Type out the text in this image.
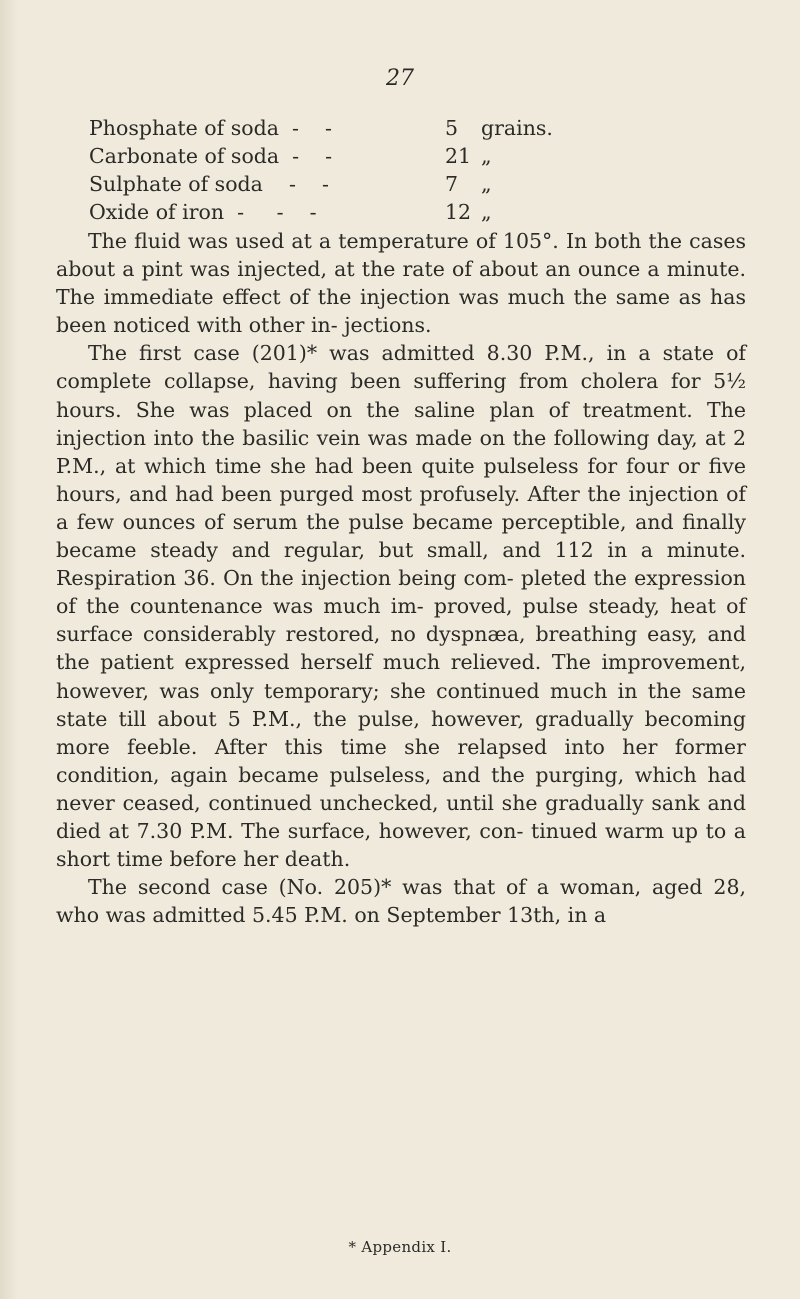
27
Phosphate of soda  -    -	5	grains.
Carbonate of soda  -    -	21 „
Sulphate of soda    -    -	7	„
Oxide of iron  -     -    -	12 „

The fluid was used at a temperature of 105°. In both the cases about a pint was injected, at the rate of about an ounce a minute. The immediate effect of the injection was much the same as has been noticed with other in- jections.

The first case (201)* was admitted 8.30 P.M., in a state of complete collapse, having been suffering from cholera for 5½ hours. She was placed on the saline plan of treatment. The injection into the basilic vein was made on the following day, at 2 P.M., at which time she had been quite pulseless for four or five hours, and had been purged most profusely. After the injection of a few ounces of serum the pulse became perceptible, and finally became steady and regular, but small, and 112 in a minute. Respiration 36. On the injection being com- pleted the expression of the countenance was much im- proved, pulse steady, heat of surface considerably restored, no dyspnæa, breathing easy, and the patient expressed herself much relieved. The improvement, however, was only temporary; she continued much in the same state till about 5 P.M., the pulse, however, gradually becoming more feeble. After this time she relapsed into her former condition, again became pulseless, and the purging, which had never ceased, continued unchecked, until she gradually sank and died at 7.30 P.M. The surface, however, con- tinued warm up to a short time before her death.

The second case (No. 205)* was that of a woman, aged 28, who was admitted 5.45 P.M. on September 13th, in a

* Appendix I.
